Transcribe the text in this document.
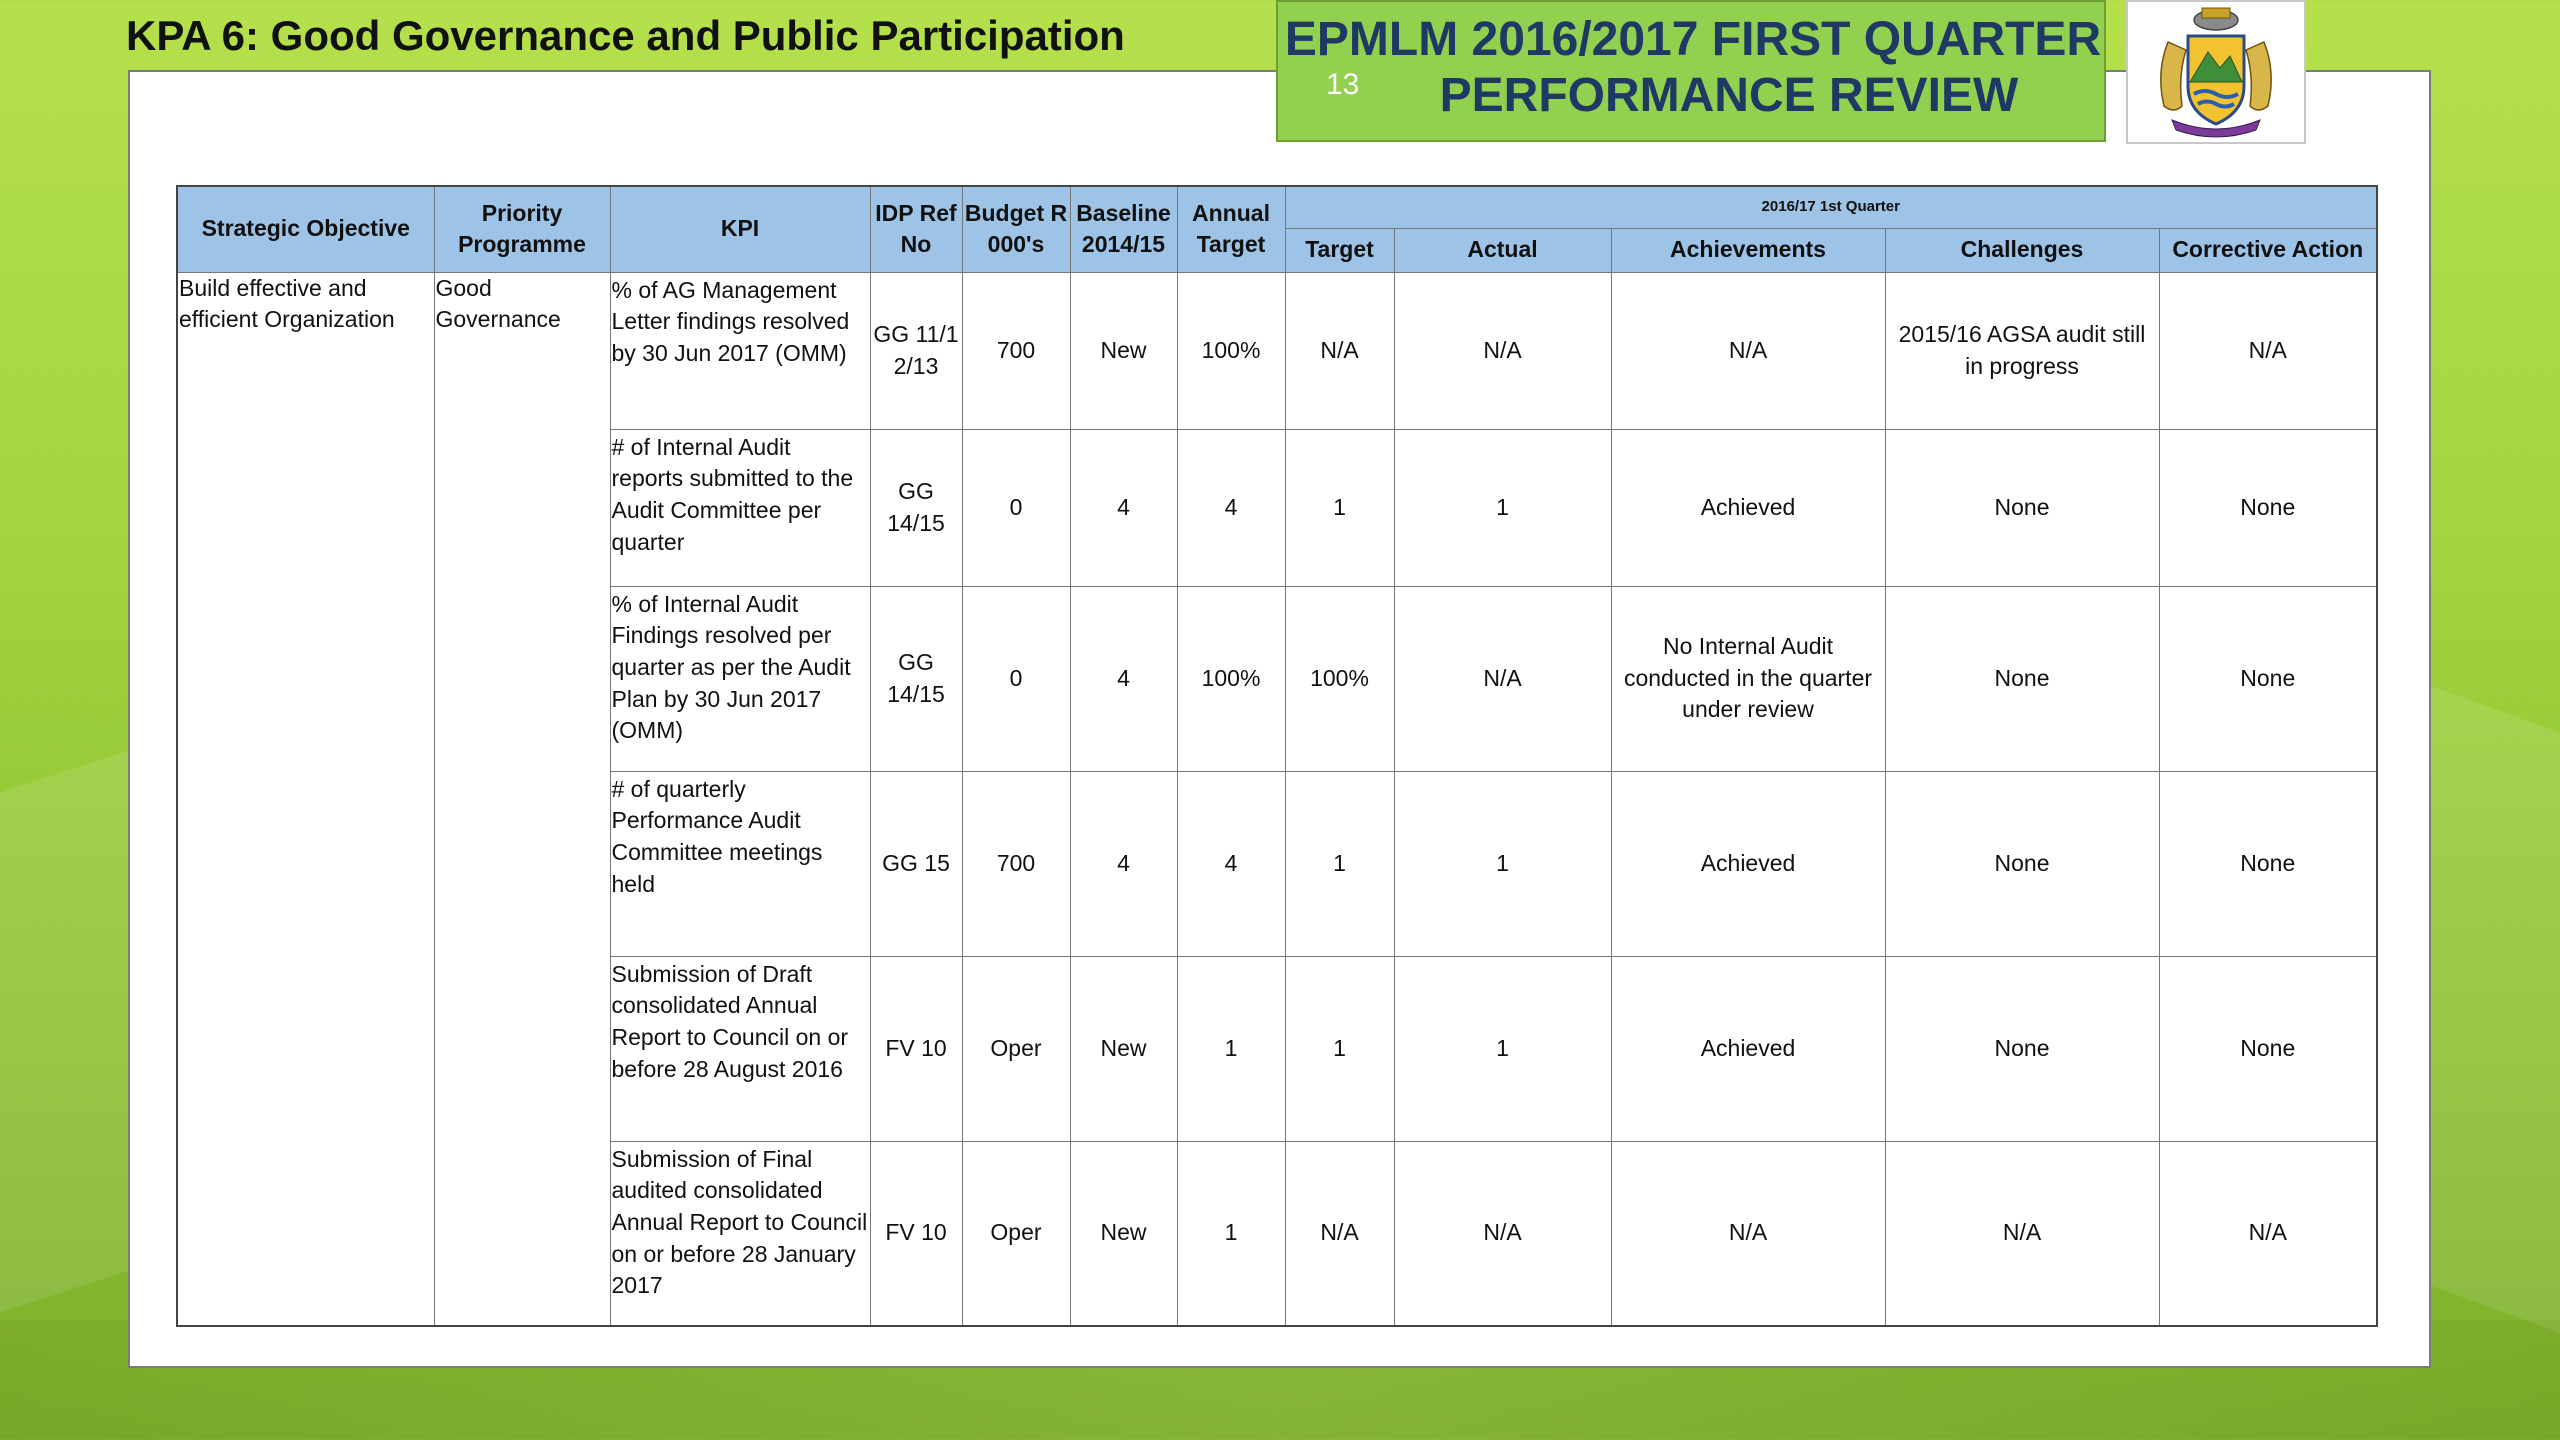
KPA 6: Good Governance and Public Participation	EPMLM 2016/2017 FIRST QUARTER
13	PERFORMANCE REVIEW
Strategic Objective	Priority Programme	KPI	IDP Ref No	Budget R 000's	Baseline 2014/15	Annual Target	2016/17 1st Quarter				
							Target	Actual	Achievements	Challenges	Corrective Action
Build effective and efficient Organization	Good Governance	% of AG Management Letter findings resolved by 30 Jun 2017 (OMM)	GG 11/12/13	700	New	100%	N/A	N/A	N/A	2015/16 AGSA audit still in progress	N/A
		# of Internal Audit reports submitted to the Audit Committee per quarter	GG 14/15	0	4	4	1	1	Achieved	None	None
		% of Internal Audit Findings resolved per quarter as per the Audit Plan by 30 Jun 2017 (OMM)	GG 14/15	0	4	100%	100%	N/A	No Internal Audit conducted in the quarter under review	None	None
		# of quarterly Performance Audit Committee meetings held	GG 15	700	4	4	1	1	Achieved	None	None
		Submission of Draft consolidated Annual Report to Council on or before 28 August 2016	FV 10	Oper	New	1	1	1	Achieved	None	None
		Submission of Final audited consolidated Annual Report to Council on or before 28 January 2017	FV 10	Oper	New	1	N/A	N/A	N/A	N/A	N/A
